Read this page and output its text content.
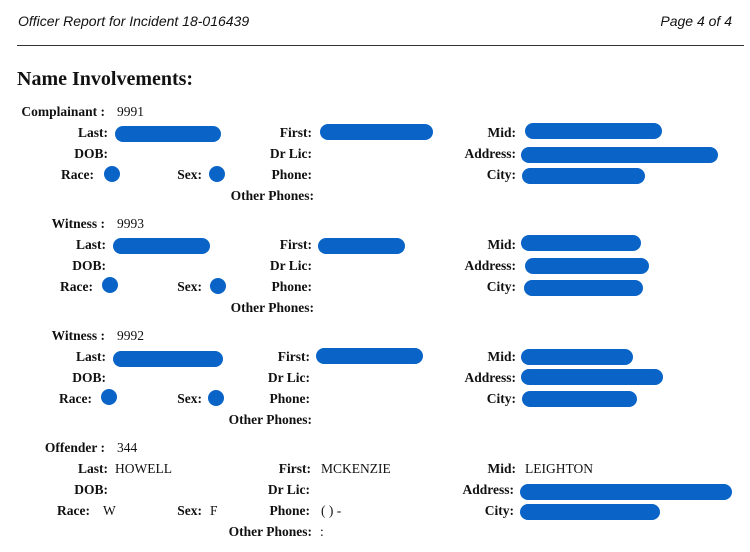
Officer Report for Incident 18-016439	Page 4 of 4
Name Involvements:
Complainant : 9991
Last:	First:	Mid:
DOB:	Dr Lic:	Address:
Race:	Sex:	Phone:	City:
Other Phones:
Witness : 9993
Last:	First:	Mid:
DOB:	Dr Lic:	Address:
Race:	Sex:	Phone:	City:
Other Phones:
Witness : 9992
Last:	First:	Mid:
DOB:	Dr Lic:	Address:
Race:	Sex:	Phone:	City:
Other Phones:
Offender : 344
Last: HOWELL	First: MCKENZIE	Mid: LEIGHTON
DOB:	Dr Lic:	Address:
Race: W	Sex: F	Phone: ( ) -	City:
Other Phones: :
